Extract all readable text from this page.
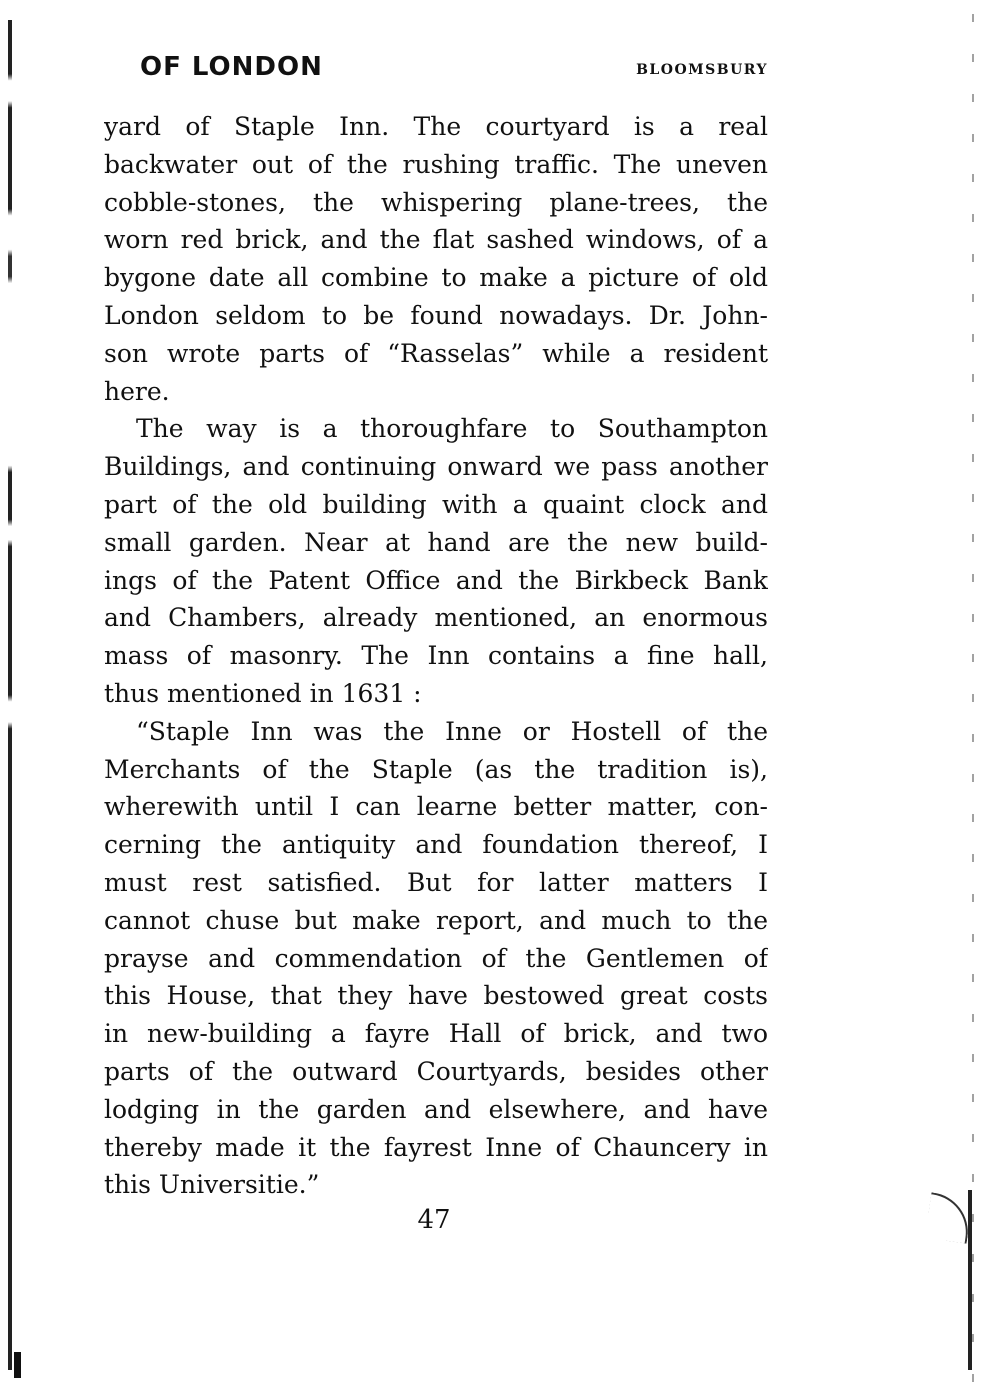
OF LONDON	BLOOMSBURY
yard of Staple Inn. The courtyard is a real
backwater out of the rushing traffic. The uneven
cobble-stones, the whispering plane-trees, the
worn red brick, and the flat sashed windows, of a
bygone date all combine to make a picture of old
London seldom to be found nowadays. Dr. John-
son wrote parts of “Rasselas” while a resident
here.
The way is a thoroughfare to Southampton
Buildings, and continuing onward we pass another
part of the old building with a quaint clock and
small garden. Near at hand are the new build-
ings of the Patent Office and the Birkbeck Bank
and Chambers, already mentioned, an enormous
mass of masonry. The Inn contains a fine hall,
thus mentioned in 1631 :
“Staple Inn was the Inne or Hostell of the
Merchants of the Staple (as the tradition is),
wherewith until I can learne better matter, con-
cerning the antiquity and foundation thereof, I
must rest satisfied. But for latter matters I
cannot chuse but make report, and much to the
prayse and commendation of the Gentlemen of
this House, that they have bestowed great costs
in new-building a fayre Hall of brick, and two
parts of the outward Courtyards, besides other
lodging in the garden and elsewhere, and have
thereby made it the fayrest Inne of Chauncery in
this Universitie.”
47
